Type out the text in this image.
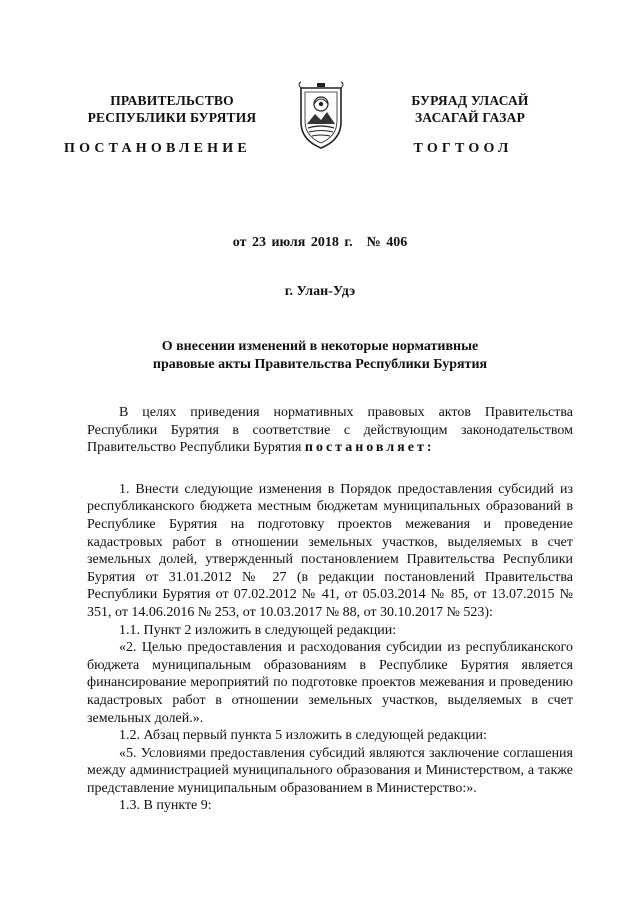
ПРАВИТЕЛЬСТВО
РЕСПУБЛИКИ БУРЯТИЯ
БУРЯАД УЛАСАЙ
ЗАСАГАЙ ГАЗАР
ПОСТАНОВЛЕНИЕ	ТОГТООЛ
от 23 июля 2018 г. № 406
г. Улан-Удэ
О внесении изменений в некоторые нормативные
правовые акты Правительства Республики Бурятия

В целях приведения нормативных правовых актов Правительства Республики Бурятия в соответствие с действующим законодательством Правительство Республики Бурятия постановляет:

1. Внести следующие изменения в Порядок предоставления субсидий из республиканского бюджета местным бюджетам муниципальных образований в Республике Бурятия на подготовку проектов межевания и проведение кадастровых работ в отношении земельных участков, выделяемых в счет земельных долей, утвержденный постановлением Правительства Республики Бурятия от 31.01.2012 № 27 (в редакции постановлений Правительства Республики Бурятия от 07.02.2012 № 41, от 05.03.2014 № 85, от 13.07.2015 № 351, от 14.06.2016 № 253, от 10.03.2017 № 88, от 30.10.2017 № 523):

1.1. Пункт 2 изложить в следующей редакции:

«2. Целью предоставления и расходования субсидии из республиканского бюджета муниципальным образованиям в Республике Бурятия является финансирование мероприятий по подготовке проектов межевания и проведению кадастровых работ в отношении земельных участков, выделяемых в счет земельных долей.».

1.2. Абзац первый пункта 5 изложить в следующей редакции:

«5. Условиями предоставления субсидий являются заключение соглашения между администрацией муниципального образования и Министерством, а также представление муниципальным образованием в Министерство:».

1.3. В пункте 9:
